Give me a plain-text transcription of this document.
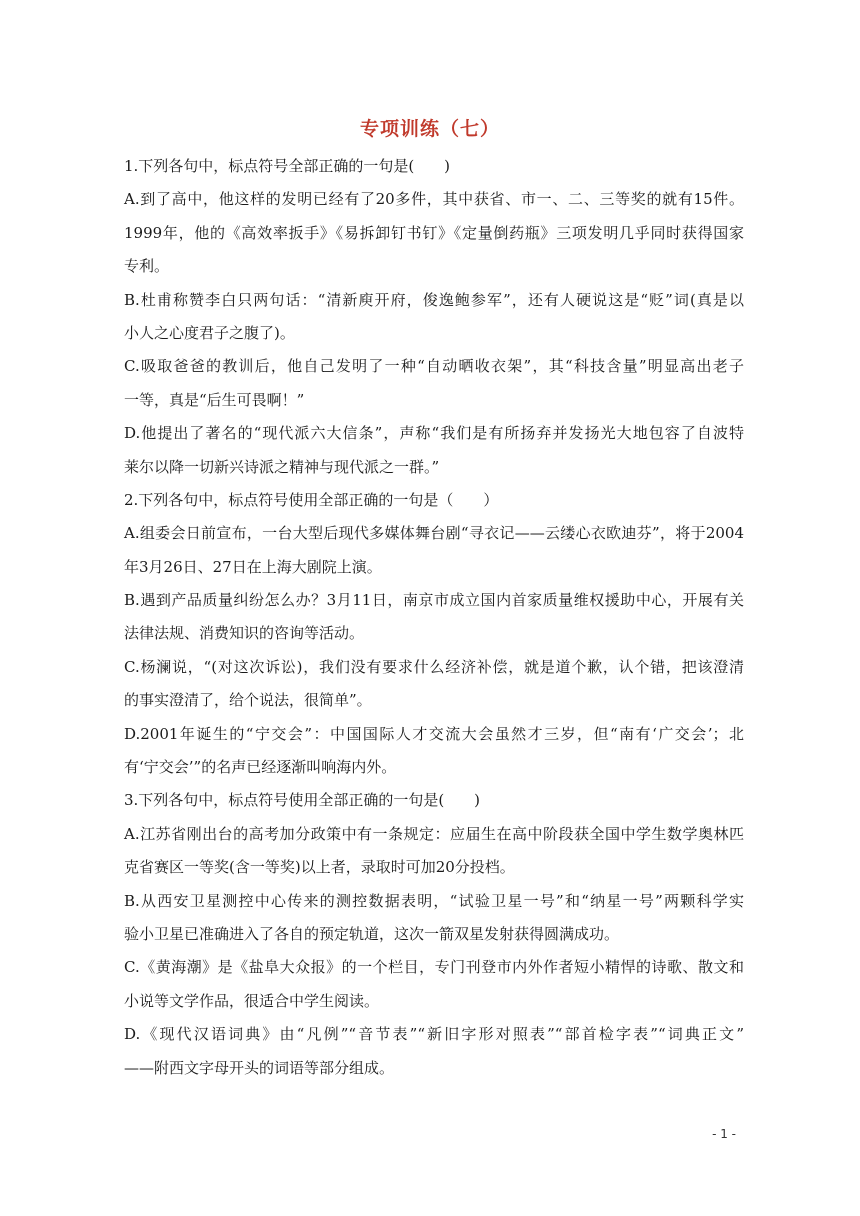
专项训练（七）
1.下列各句中，标点符号全部正确的一句是(　　)
A.到了高中，他这样的发明已经有了20多件，其中获省、市一、二、三等奖的就有15件。
1999年，他的《高效率扳手》《易拆卸钉书钉》《定量倒药瓶》三项发明几乎同时获得国家
专利。
B.杜甫称赞李白只两句话：“清新庾开府，俊逸鲍参军”，还有人硬说这是“贬”词(真是以
小人之心度君子之腹了)。
C.吸取爸爸的教训后，他自己发明了一种“自动晒收衣架”，其“科技含量”明显高出老子
一等，真是“后生可畏啊！”
D.他提出了著名的“现代派六大信条”，声称“我们是有所扬弃并发扬光大地包容了自波特
莱尔以降一切新兴诗派之精神与现代派之一群。”
2.下列各句中，标点符号使用全部正确的一句是（　　）
A.组委会日前宣布，一台大型后现代多媒体舞台剧“寻衣记——云缕心衣欧迪芬”，将于2004
年3月26日、27日在上海大剧院上演。
B.遇到产品质量纠纷怎么办？3月11日，南京市成立国内首家质量维权援助中心，开展有关
法律法规、消费知识的咨询等活动。
C.杨澜说，“(对这次诉讼)，我们没有要求什么经济补偿，就是道个歉，认个错，把该澄清
的事实澄清了，给个说法，很简单”。
D.2001年诞生的“宁交会”：中国国际人才交流大会虽然才三岁，但“南有‘广交会’；北
有‘宁交会’”的名声已经逐渐叫响海内外。
3.下列各句中，标点符号使用全部正确的一句是(　　)
A.江苏省刚出台的高考加分政策中有一条规定：应届生在高中阶段获全国中学生数学奥林匹
克省赛区一等奖(含一等奖)以上者，录取时可加20分投档。
B.从西安卫星测控中心传来的测控数据表明，“试验卫星一号”和“纳星一号”两颗科学实
验小卫星已准确进入了各自的预定轨道，这次一箭双星发射获得圆满成功。
C.《黄海潮》是《盐阜大众报》的一个栏目，专门刊登市内外作者短小精悍的诗歌、散文和
小说等文学作品，很适合中学生阅读。
D.《现代汉语词典》由“凡例”“音节表”“新旧字形对照表”“部首检字表”“词典正文”
——附西文字母开头的词语等部分组成。
- 1 -
